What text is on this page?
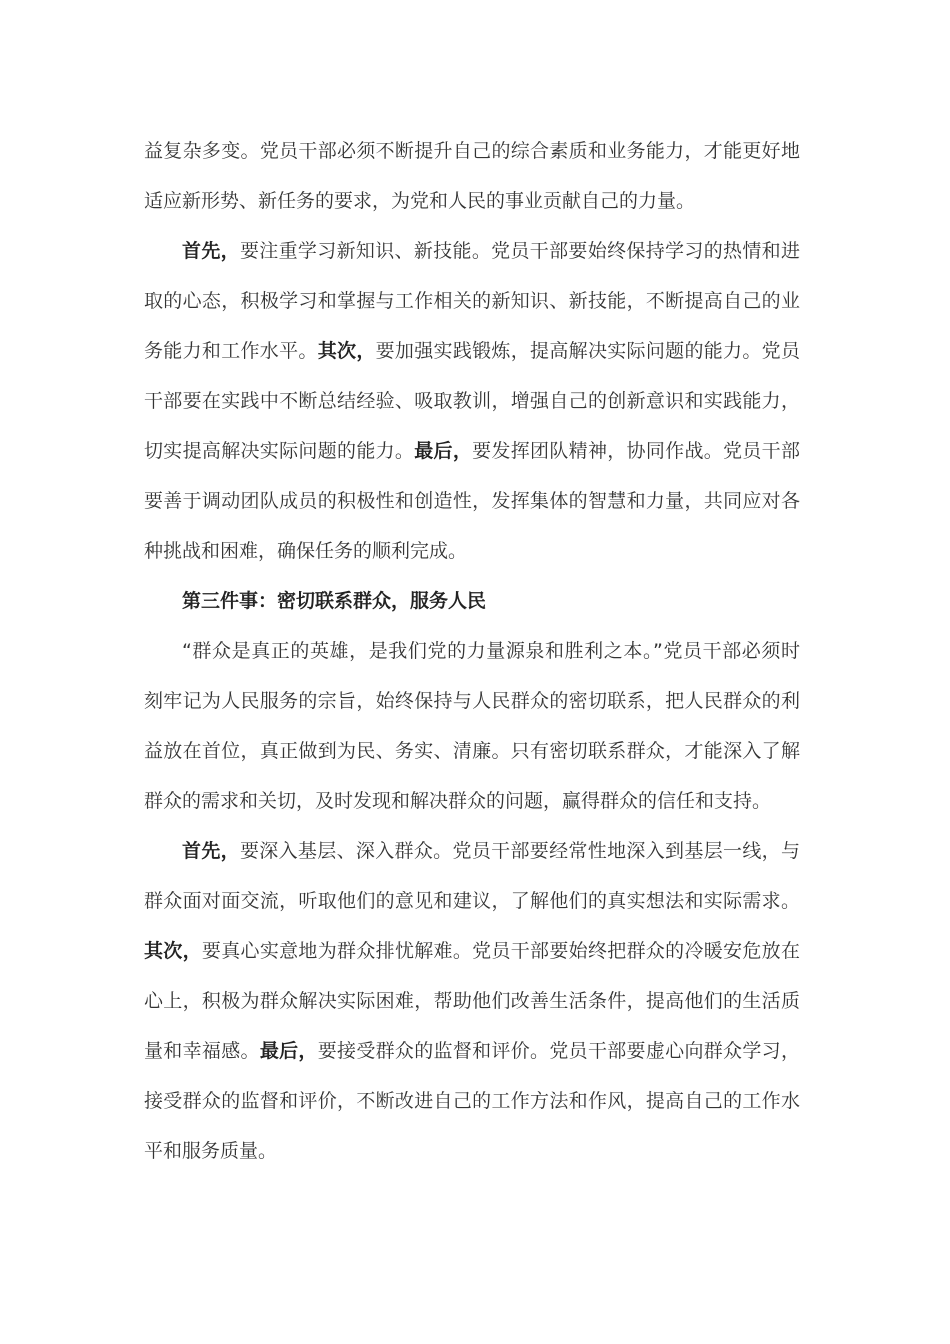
益复杂多变。党员干部必须不断提升自己的综合素质和业务能力，才能更好地适应新形势、新任务的要求，为党和人民的事业贡献自己的力量。

首先，要注重学习新知识、新技能。党员干部要始终保持学习的热情和进取的心态，积极学习和掌握与工作相关的新知识、新技能，不断提高自己的业务能力和工作水平。其次，要加强实践锻炼，提高解决实际问题的能力。党员干部要在实践中不断总结经验、吸取教训，增强自己的创新意识和实践能力，切实提高解决实际问题的能力。最后，要发挥团队精神，协同作战。党员干部要善于调动团队成员的积极性和创造性，发挥集体的智慧和力量，共同应对各种挑战和困难，确保任务的顺利完成。

第三件事：密切联系群众，服务人民

“群众是真正的英雄，是我们党的力量源泉和胜利之本。”党员干部必须时刻牢记为人民服务的宗旨，始终保持与人民群众的密切联系，把人民群众的利益放在首位，真正做到为民、务实、清廉。只有密切联系群众，才能深入了解群众的需求和关切，及时发现和解决群众的问题，赢得群众的信任和支持。

首先，要深入基层、深入群众。党员干部要经常性地深入到基层一线，与群众面对面交流，听取他们的意见和建议，了解他们的真实想法和实际需求。其次，要真心实意地为群众排忧解难。党员干部要始终把群众的冷暖安危放在心上，积极为群众解决实际困难，帮助他们改善生活条件，提高他们的生活质量和幸福感。最后，要接受群众的监督和评价。党员干部要虚心向群众学习，接受群众的监督和评价，不断改进自己的工作方法和作风，提高自己的工作水平和服务质量。
